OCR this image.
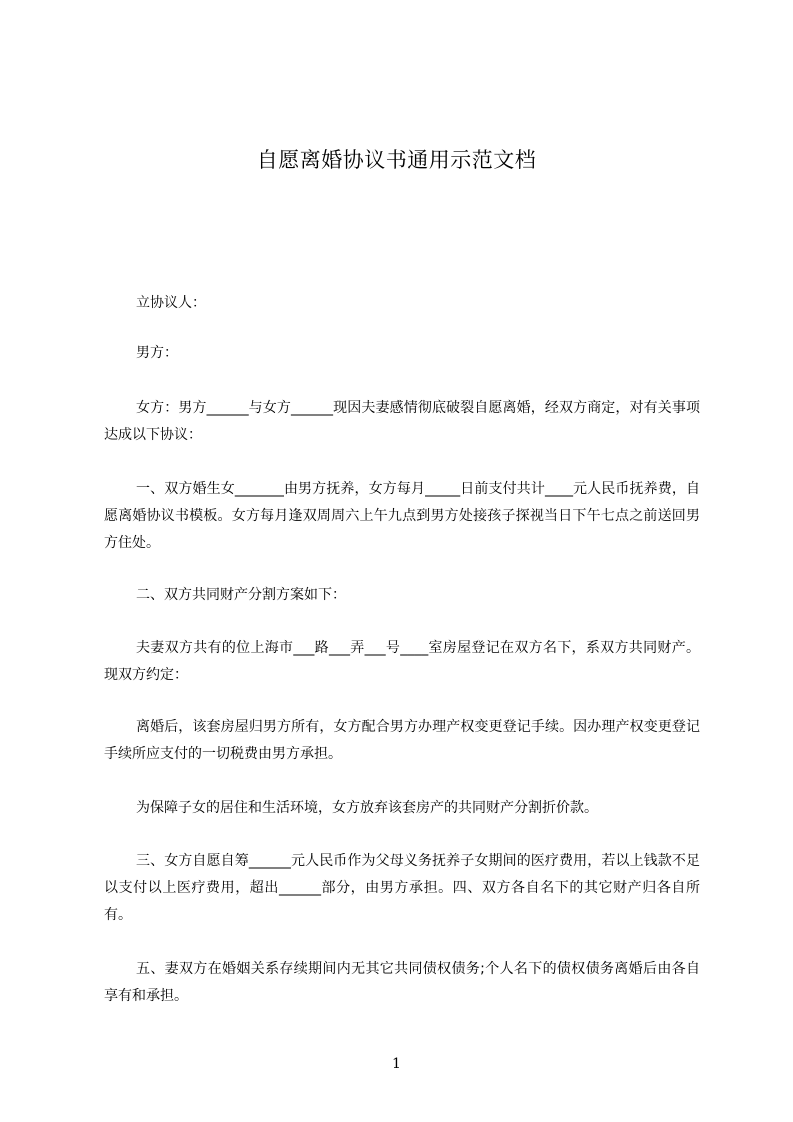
自愿离婚协议书通用示范文档
立协议人：
男方：
女方：男方______与女方______现因夫妻感情彻底破裂自愿离婚，经双方商定，对有关事项达成以下协议：
一、双方婚生女_______由男方抚养，女方每月_____日前支付共计____元人民币抚养费，自愿离婚协议书模板。女方每月逢双周周六上午九点到男方处接孩子探视当日下午七点之前送回男方住处。
二、双方共同财产分割方案如下：
夫妻双方共有的位上海市___路___弄___号____室房屋登记在双方名下，系双方共同财产。现双方约定：
离婚后，该套房屋归男方所有，女方配合男方办理产权变更登记手续。因办理产权变更登记手续所应支付的一切税费由男方承担。
为保障子女的居住和生活环境，女方放弃该套房产的共同财产分割折价款。
三、女方自愿自筹______元人民币作为父母义务抚养子女期间的医疗费用，若以上钱款不足以支付以上医疗费用，超出______部分，由男方承担。四、双方各自名下的其它财产归各自所有。
五、妻双方在婚姻关系存续期间内无其它共同债权债务;个人名下的债权债务离婚后由各自享有和承担。
1
